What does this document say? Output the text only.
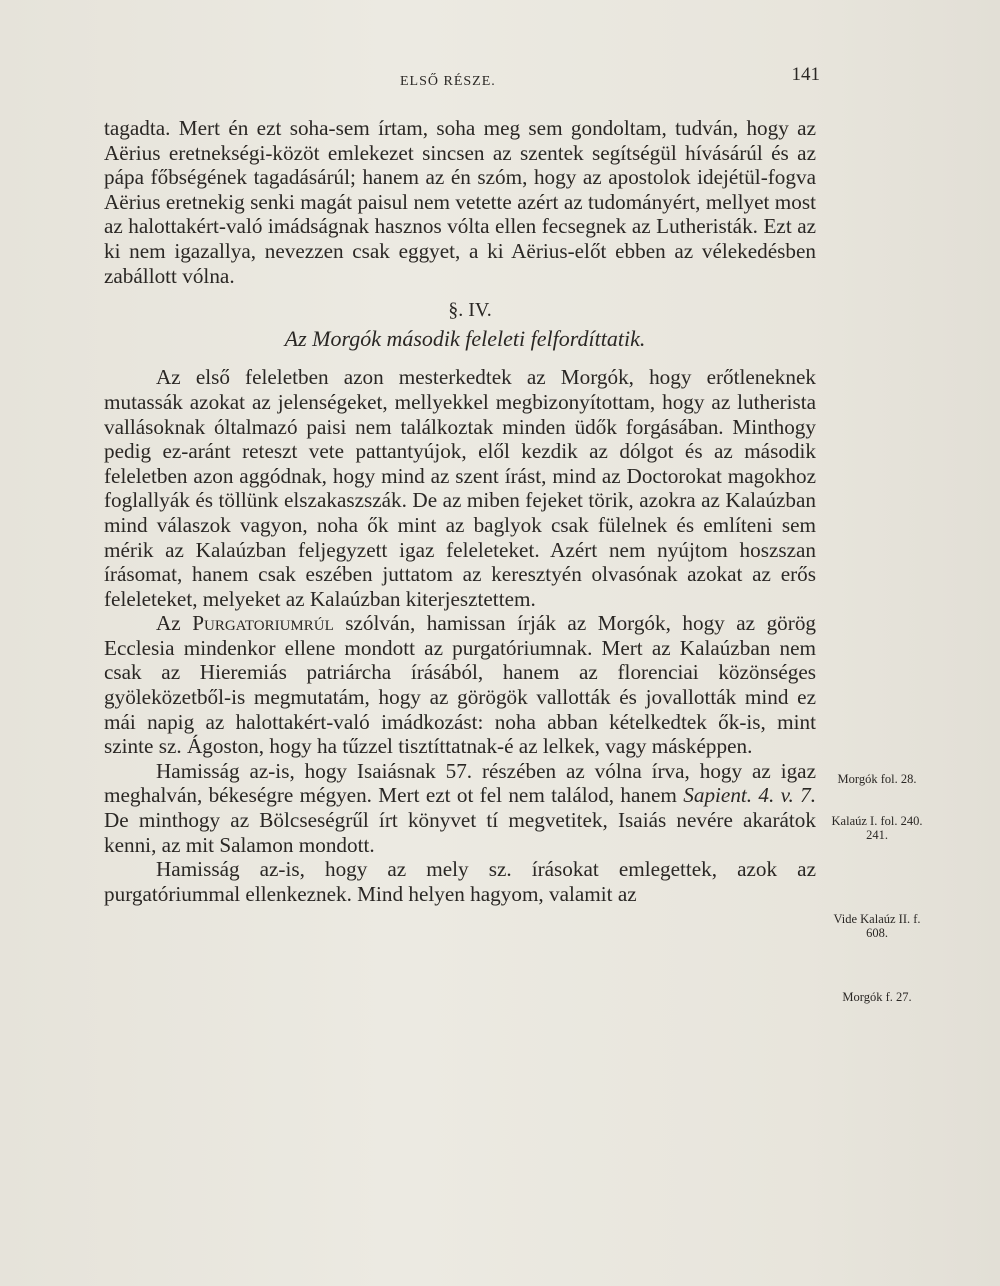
ELSŐ RÉSZE.	141

tagadta. Mert én ezt soha-sem írtam, soha meg sem gondoltam, tudván, hogy az Aërius eretnekségi-közöt emlekezet sincsen az szentek segítségül hívásárúl és az pápa főbségének tagadásárúl; hanem az én szóm, hogy az apostolok idejétül-fogva Aërius eretnekig senki magát paisul nem vetette azért az tudományért, mellyet most az halottakért-való imádságnak hasznos vólta ellen fecsegnek az Lutheristák. Ezt az ki nem igazallya, nevezzen csak eggyet, a ki Aërius-előt ebben az vélekedésben zabállott vólna.

§. IV.
Az Morgók második feleleti felfordíttatik.

Az első feleletben azon mesterkedtek az Morgók, hogy erőtleneknek mutassák azokat az jelenségeket, mellyekkel megbizonyítottam, hogy az lutherista vallásoknak óltalmazó paisi nem találkoztak minden üdők forgásában. Minthogy pedig ez-aránt reteszt vete pattantyújok, elől kezdik az dólgot és az második feleletben azon aggódnak, hogy mind az szent írást, mind az Doctorokat magokhoz foglallyák és töllünk elszakaszszák. De az miben fejeket törik, azokra az Kalaúzban mind válaszok vagyon, noha ők mint az baglyok csak fülelnek és említeni sem mérik az Kalaúzban feljegyzett igaz feleleteket. Azért nem nyújtom hoszszan írásomat, hanem csak eszében juttatom az keresztyén olvasónak azokat az erős feleleteket, melyeket az Kalaúzban kiterjesztettem.

Az Purgatoriumrúl szólván, hamissan írják az Morgók, hogy az görög Ecclesia mindenkor ellene mondott az purgatóriumnak. Mert az Kalaúzban nem csak az Hieremiás patriárcha írásából, hanem az florenciai közönséges gyöleközetből-is megmutatám, hogy az görögök vallották és jovallották mind ez mái napig az halottakért-való imádkozást: noha abban kételkedtek ők-is, mint szinte sz. Ágoston, hogy ha tűzzel tisztíttatnak-é az lelkek, vagy másképpen.

Hamisság az-is, hogy Isaiásnak 57. részében az vólna írva, hogy az igaz meghalván, békeségre mégyen. Mert ezt ot fel nem találod, hanem Sapient. 4. v. 7. De minthogy az Bölcseségrűl írt könyvet tí megvetitek, Isaiás nevére akarátok kenni, az mit Salamon mondott.

Hamisság az-is, hogy az mely sz. írásokat emlegettek, azok az purgatóriummal ellenkeznek. Mind helyen hagyom, valamit az

Morgók fol. 28.
Kalaúz I. fol. 240. 241.
Vide Kalaúz II. f. 608.
Morgók f. 27.
